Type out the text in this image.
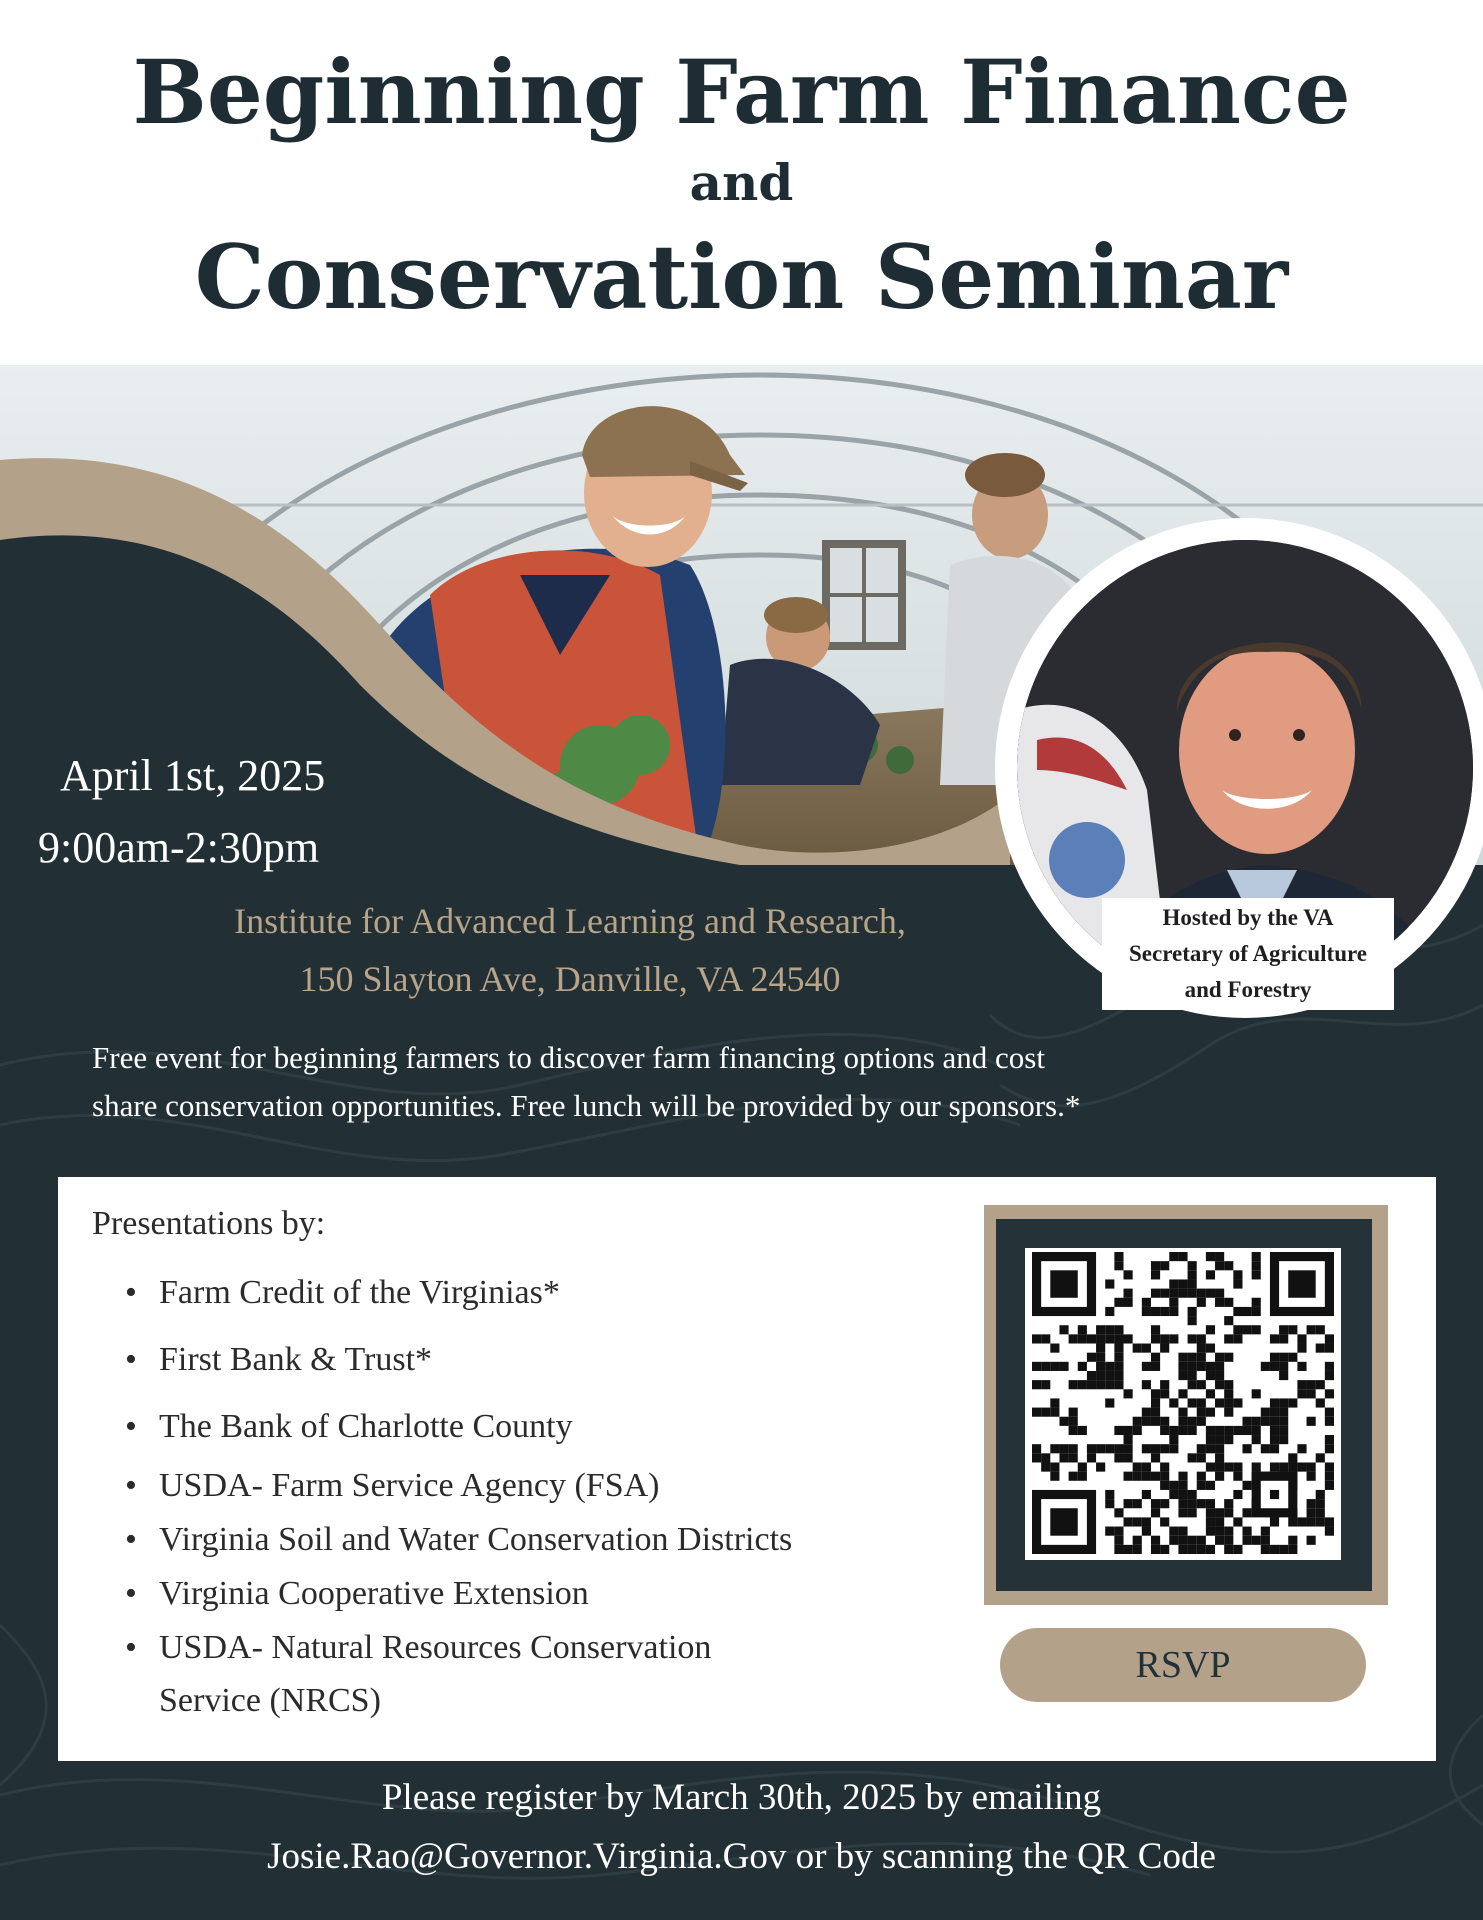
Beginning Farm Finance
and
Conservation Seminar
April 1st, 2025
9:00am-2:30pm
Institute for Advanced Learning and Research,
150 Slayton Ave, Danville, VA 24540
Free event for beginning farmers to discover farm financing options and cost
share conservation opportunities. Free lunch will be provided by our sponsors.*
Hosted by the VA
Secretary of Agriculture
and Forestry
Presentations by:
• Farm Credit of the Virginias*
• First Bank & Trust*
• The Bank of Charlotte County
• USDA- Farm Service Agency (FSA)
• Virginia Soil and Water Conservation Districts
• Virginia Cooperative Extension
• USDA- Natural Resources Conservation
Service (NRCS)
RSVP
Please register by March 30th, 2025 by emailing
Josie.Rao@Governor.Virginia.Gov or by scanning the QR Code
